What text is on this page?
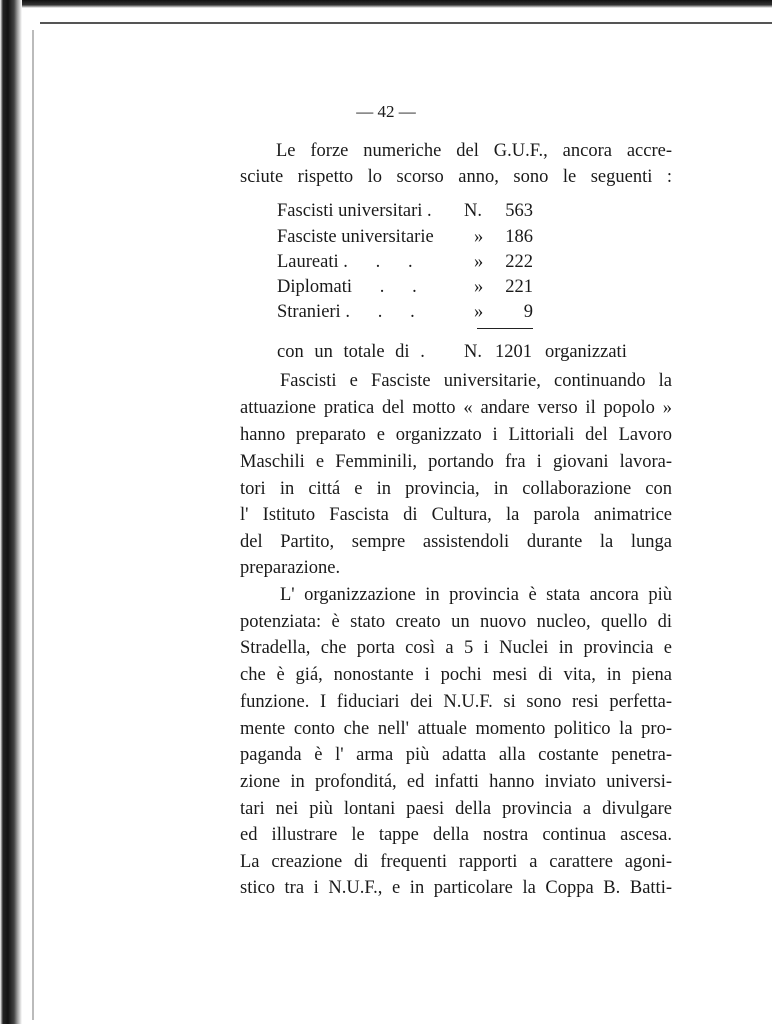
— 42 —
Le forze numeriche del G.U.F., ancora accre-
sciute rispetto lo scorso anno, sono le seguenti :
Fascisti universitari . N. 563
Fasciste universitarie » 186
Laureati .      .      .	» 222
Diplomati      .      .	» 221
Stranieri .      .      .	» 9
con un totale di . N. 1201 organizzati
Fascisti e Fasciste universitarie, continuando la
attuazione pratica del motto « andare verso il popolo »
hanno preparato e organizzato i Littoriali del Lavoro
Maschili e Femminili, portando fra i giovani lavora-
tori in cittá e in provincia, in collaborazione con
l' Istituto Fascista di Cultura, la parola animatrice
del Partito, sempre assistendoli durante la lunga
preparazione.
L' organizzazione in provincia è stata ancora più
potenziata: è stato creato un nuovo nucleo, quello di
Stradella, che porta così a 5 i Nuclei in provincia e
che è giá, nonostante i pochi mesi di vita, in piena
funzione. I fiduciari dei N.U.F. si sono resi perfetta-
mente conto che nell' attuale momento politico la pro-
paganda è l' arma più adatta alla costante penetra-
zione in profonditá, ed infatti hanno inviato universi-
tari nei più lontani paesi della provincia a divulgare
ed illustrare le tappe della nostra continua ascesa.
La creazione di frequenti rapporti a carattere agoni-
stico tra i N.U.F., e in particolare la Coppa B. Batti-
